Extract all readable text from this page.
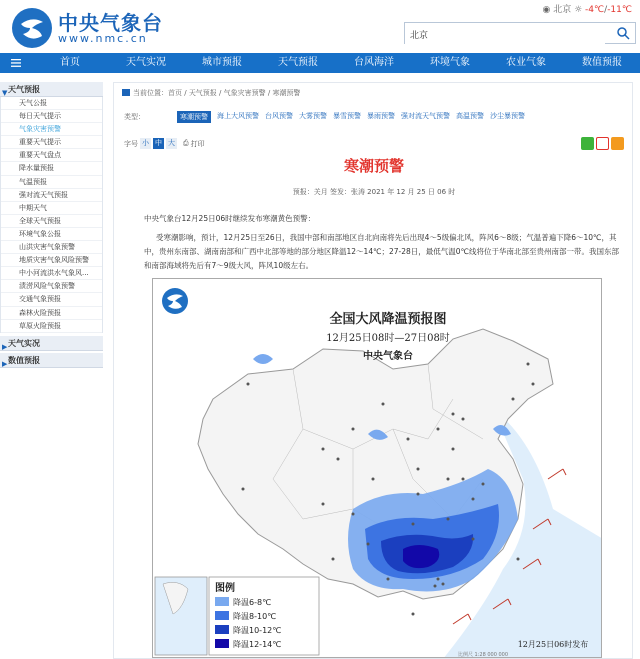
中央气象台
www.nmc.cn
◉ 北京 ☼ -4℃/-11℃
北京
首页	天气实况	城市预报	天气预报	台风海洋	环境气象	农业气象	数值预报
▼ 天气预报
天气公报
每日天气提示
气象灾害预警
重要天气提示
重要天气盘点
降水量预报
气温预报
强对流天气预报
中期天气
全球天气预报
环境气象公报
山洪灾害气象预警
地质灾害气象风险预警
中小河流洪水气象风...
渍涝风险气象预警
交通气象预报
森林火险预报
草原火险预报
▶ 天气实况
▶ 数值预报
当前位置：首页 / 天气预报 / 气象灾害预警 / 寒潮预警
类型：	寒潮预警	海上大风预警 台风预警 大雾预警 暴雪预警 暴雨预警 强对流天气预警 高温预警 沙尘暴预警
字号 小 中 大 ⎙ 打印
寒潮预警
预报：关月 签发：张涛 2021 年 12 月 25 日 06 时
中央气象台12月25日06时继续发布寒潮黄色预警：
受寒潮影响，预计，12月25日至26日，我国中部和南部地区自北向南将先后出现4～5级偏北风，阵风6～8级；气温普遍下降6～10℃，其中，贵州东南部、湖南南部和广西中北部等地的部分地区降温12～14℃；27-28日，最低气温0℃线将位于华南北部至贵州南部一带。我国东部和南部海域将先后有7～9级大风，阵风10级左右。
全国大风降温预报图
12月25日08时—27日08时
中央气象台
图例
降温6-8℃
降温8-10℃
降温10-12℃
降温12-14℃	12月25日06时发布
比例尺 1:28 000 000
